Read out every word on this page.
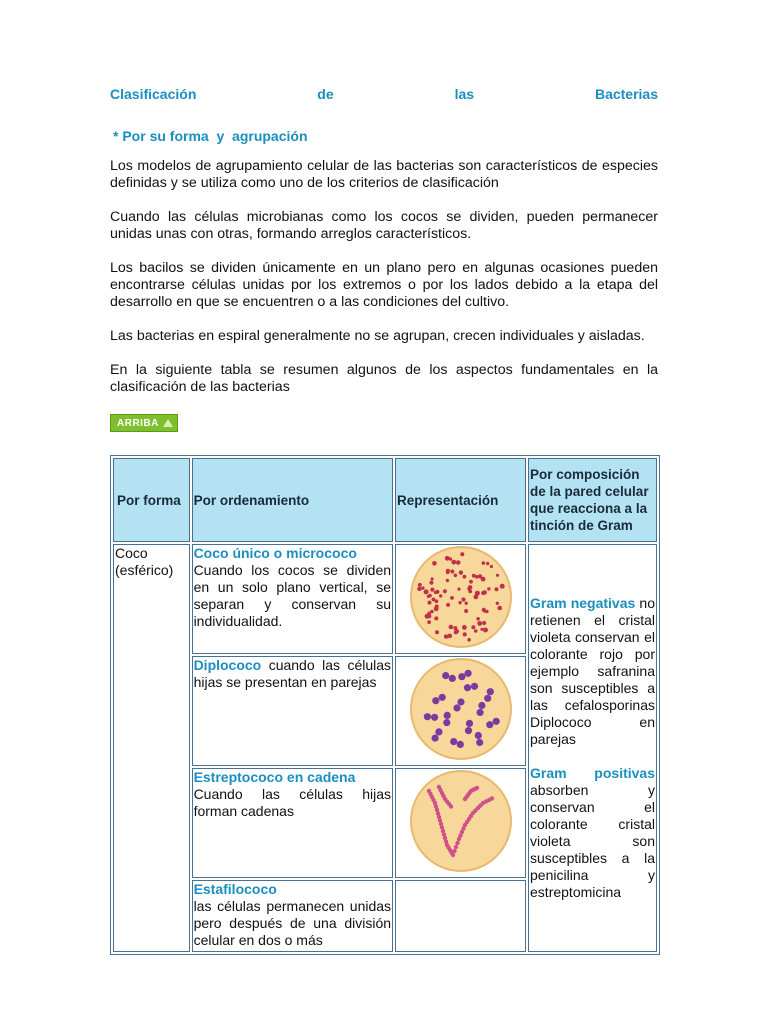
Clasificación	de	las	Bacterias
* Por su forma  y  agrupación

Los modelos de agrupamiento celular de las bacterias son característicos de especies definidas y se utiliza como uno de los criterios de clasificación

Cuando las células microbianas como los cocos se dividen, pueden permanecer unidas unas con otras, formando arreglos característicos.

Los bacilos se dividen únicamente en un plano pero en algunas ocasiones pueden encontrarse células unidas por los extremos o por los lados debido a la etapa del desarrollo en que se encuentren o a las condiciones del cultivo.

Las bacterias en espiral generalmente no se agrupan, crecen individuales y aisladas.

En la siguiente tabla se resumen algunos de los aspectos fundamentales en la clasificación de las bacterias

ARRIBA
Por forma	Por ordenamiento	Representación	Por composición de la pared celular que reacciona a la tinción de Gram
Coco (esférico)	Coco único o micrococo
Cuando los cocos se dividen en un solo plano vertical, se separan y conservan su individualidad.		Gram negativas no retienen el cristal violeta conservan el colorante rojo por ejemplo safranina son susceptibles a las cefalosporinas Diplococo en parejas

Gram positivas absorben y conservan el colorante cristal violeta son susceptibles a la penicilina y estreptomicina
	Diplococo cuando las células hijas se presentan en parejas	
	Estreptococo en cadena
Cuando las células hijas forman cadenas	
	Estafilococo
las células permanecen unidas pero después de una división celular en dos o más		
